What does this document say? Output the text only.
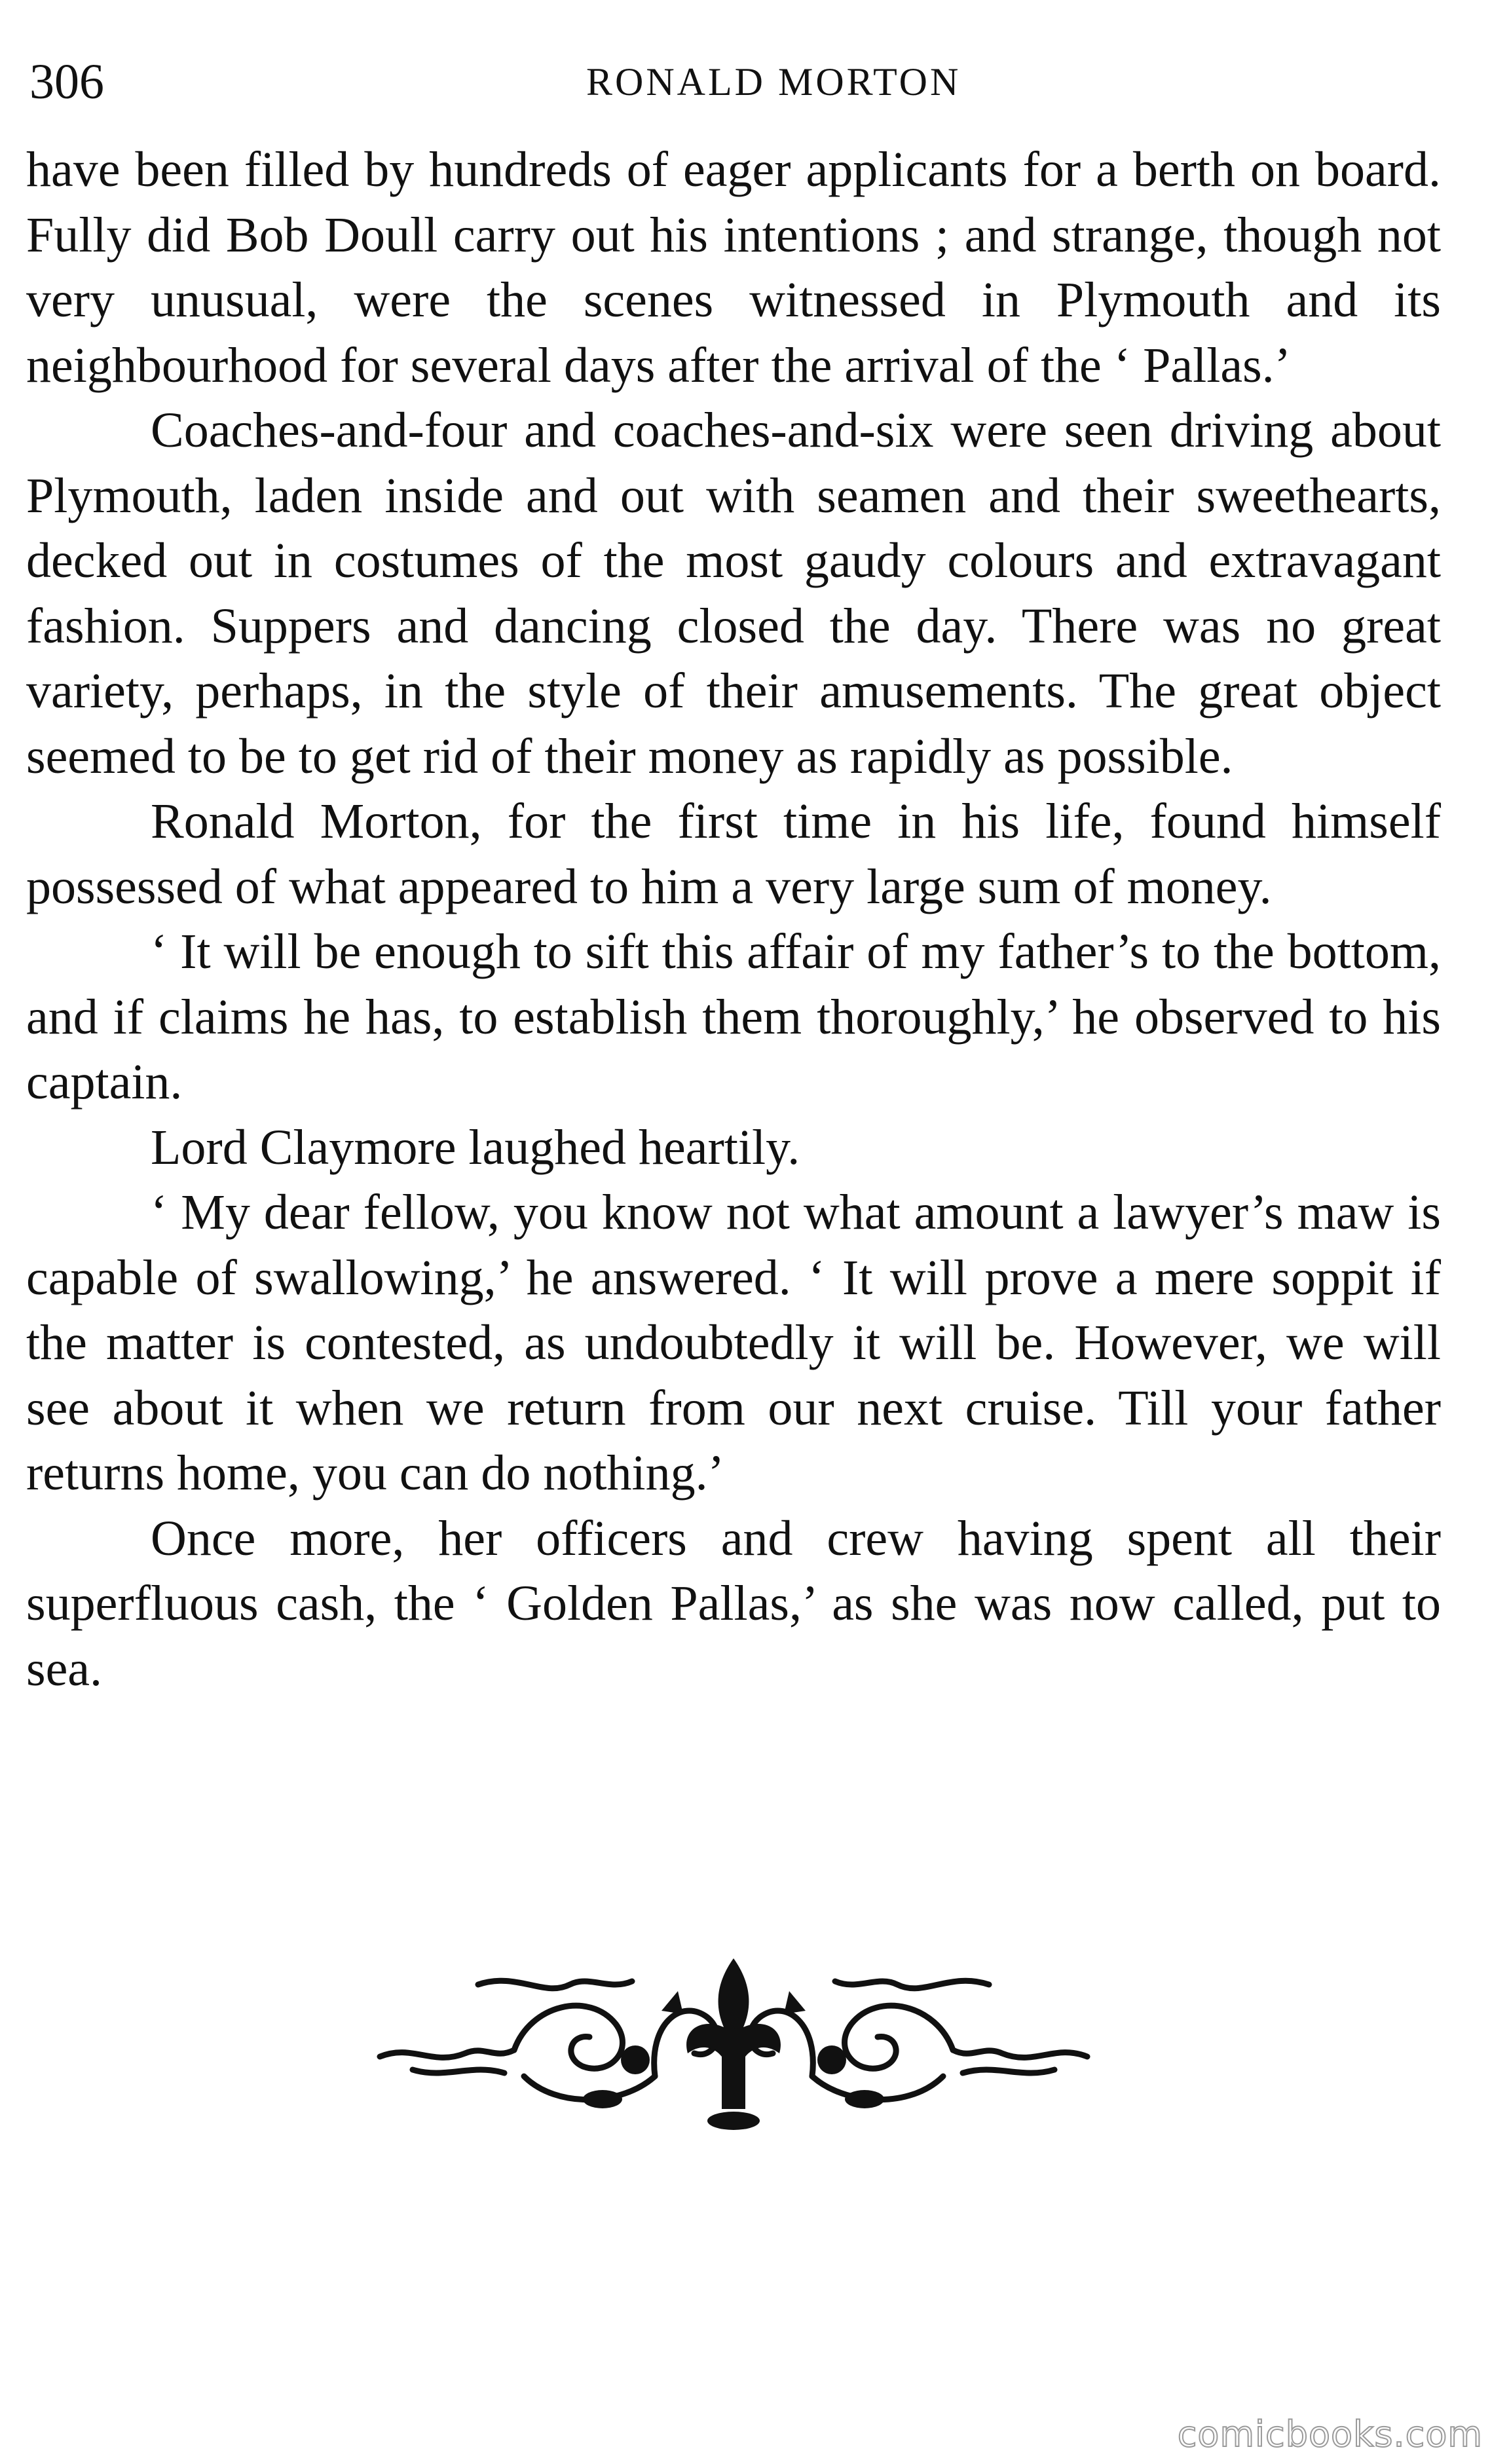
306	RONALD MORTON

have been filled by hundreds of eager applicants for a berth on board. Fully did Bob Doull carry out his intentions ; and strange, though not very unusual, were the scenes witnessed in Plymouth and its neighbourhood for several days after the arrival of the ‘ Pallas.’

Coaches-and-four and coaches-and-six were seen driving about Plymouth, laden inside and out with seamen and their sweethearts, decked out in costumes of the most gaudy colours and extravagant fashion. Suppers and dancing closed the day. There was no great variety, perhaps, in the style of their amusements. The great object seemed to be to get rid of their money as rapidly as possible.

Ronald Morton, for the first time in his life, found himself possessed of what appeared to him a very large sum of money.

‘ It will be enough to sift this affair of my father’s to the bottom, and if claims he has, to establish them thoroughly,’ he observed to his captain.

Lord Claymore laughed heartily.

‘ My dear fellow, you know not what amount a lawyer’s maw is capable of swallowing,’ he answered. ‘ It will prove a mere soppit if the matter is contested, as undoubtedly it will be. However, we will see about it when we return from our next cruise. Till your father returns home, you can do nothing.’

Once more, her officers and crew having spent all their superfluous cash, the ‘ Golden Pallas,’ as she was now called, put to sea.

comicbooks.com
